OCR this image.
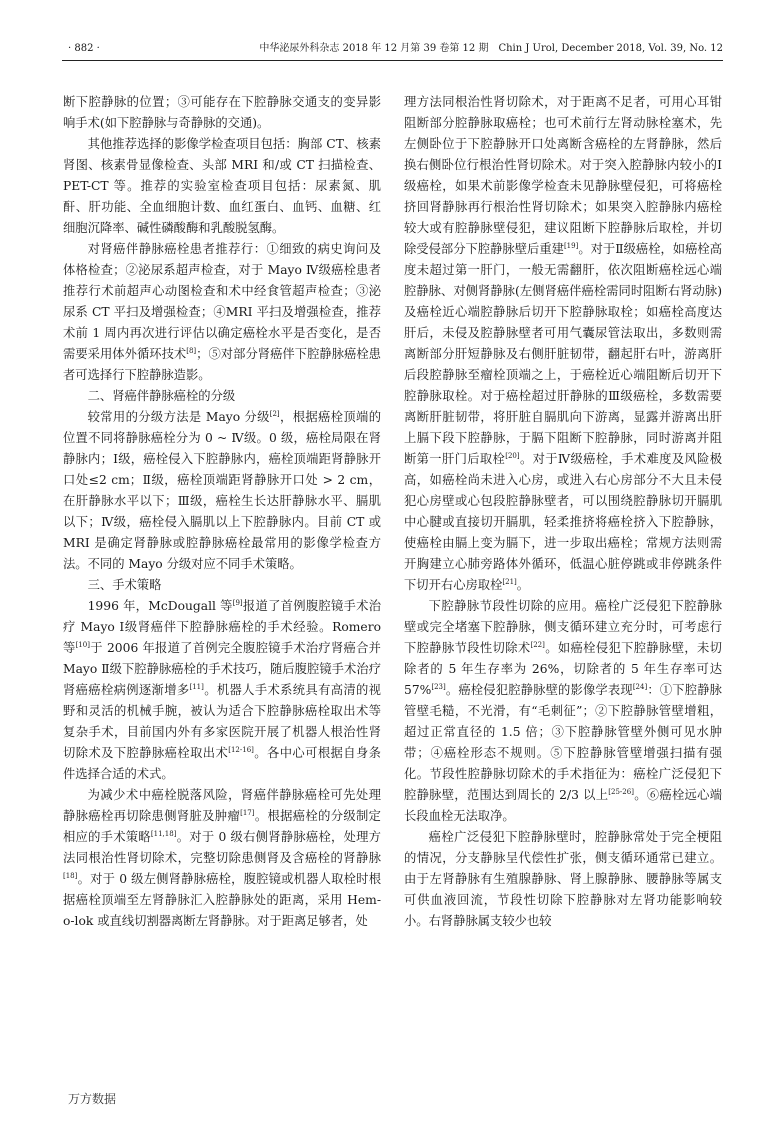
· 882 ·	中华泌尿外科杂志 2018 年 12 月第 39 卷第 12 期　Chin J Urol, December 2018, Vol. 39, No. 12

断下腔静脉的位置；③可能存在下腔静脉交通支的变异影响手术(如下腔静脉与奇静脉的交通)。

其他推荐选择的影像学检查项目包括：胸部 CT、核素肾图、核素骨显像检查、头部 MRI 和/或 CT 扫描检查、PET-CT 等。推荐的实验室检查项目包括：尿素氮、肌酐、肝功能、全血细胞计数、血红蛋白、血钙、血糖、红细胞沉降率、碱性磷酸酶和乳酸脱氢酶。

对肾癌伴静脉癌栓患者推荐行：①细致的病史询问及体格检查；②泌尿系超声检查，对于 Mayo Ⅳ级癌栓患者推荐行术前超声心动图检查和术中经食管超声检查；③泌尿系 CT 平扫及增强检查；④MRI 平扫及增强检查，推荐术前 1 周内再次进行评估以确定癌栓水平是否变化，是否需要采用体外循环技术[8]；⑤对部分肾癌伴下腔静脉癌栓患者可选择行下腔静脉造影。

二、肾癌伴静脉癌栓的分级

较常用的分级方法是 Mayo 分级[2]，根据癌栓顶端的位置不同将静脉癌栓分为 0 ~ Ⅳ级。0 级，癌栓局限在肾静脉内；Ⅰ级，癌栓侵入下腔静脉内，癌栓顶端距肾静脉开口处≤2 cm；Ⅱ级，癌栓顶端距肾静脉开口处 > 2 cm，在肝静脉水平以下；Ⅲ级，癌栓生长达肝静脉水平、膈肌以下；Ⅳ级，癌栓侵入膈肌以上下腔静脉内。目前 CT 或 MRI 是确定肾静脉或腔静脉癌栓最常用的影像学检查方法。不同的 Mayo 分级对应不同手术策略。

三、手术策略

1996 年，McDougall 等[9]报道了首例腹腔镜手术治疗 Mayo Ⅰ级肾癌伴下腔静脉癌栓的手术经验。Romero 等[10]于 2006 年报道了首例完全腹腔镜手术治疗肾癌合并 Mayo Ⅱ级下腔静脉癌栓的手术技巧，随后腹腔镜手术治疗肾癌癌栓病例逐渐增多[11]。机器人手术系统具有高清的视野和灵活的机械手腕，被认为适合下腔静脉癌栓取出术等复杂手术，目前国内外有多家医院开展了机器人根治性肾切除术及下腔静脉癌栓取出术[12-16]。各中心可根据自身条件选择合适的术式。

为减少术中癌栓脱落风险，肾癌伴静脉癌栓可先处理静脉癌栓再切除患侧肾脏及肿瘤[17]。根据癌栓的分级制定相应的手术策略[11,18]。对于 0 级右侧肾静脉癌栓，处理方法同根治性肾切除术，完整切除患侧肾及含癌栓的肾静脉[18]。对于 0 级左侧肾静脉癌栓，腹腔镜或机器人取栓时根据癌栓顶端至左肾静脉汇入腔静脉处的距离，采用 Hem-o-lok 或直线切割器离断左肾静脉。对于距离足够者，处

理方法同根治性肾切除术，对于距离不足者，可用心耳钳阻断部分腔静脉取癌栓；也可术前行左肾动脉栓塞术，先左侧卧位于下腔静脉开口处离断含癌栓的左肾静脉，然后换右侧卧位行根治性肾切除术。对于突入腔静脉内较小的Ⅰ级癌栓，如果术前影像学检查未见静脉壁侵犯，可将癌栓挤回肾静脉再行根治性肾切除术；如果突入腔静脉内癌栓较大或有腔静脉壁侵犯，建议阻断下腔静脉后取栓，并切除受侵部分下腔静脉壁后重建[19]。对于Ⅱ级癌栓，如癌栓高度未超过第一肝门，一般无需翻肝，依次阻断癌栓远心端腔静脉、对侧肾静脉(左侧肾癌伴癌栓需同时阻断右肾动脉)及癌栓近心端腔静脉后切开下腔静脉取栓；如癌栓高度达肝后，未侵及腔静脉壁者可用气囊尿管法取出，多数则需离断部分肝短静脉及右侧肝脏韧带，翻起肝右叶，游离肝后段腔静脉至瘤栓顶端之上，于癌栓近心端阻断后切开下腔静脉取栓。对于癌栓超过肝静脉的Ⅲ级癌栓，多数需要离断肝脏韧带，将肝脏自膈肌向下游离，显露并游离出肝上膈下段下腔静脉，于膈下阻断下腔静脉，同时游离并阻断第一肝门后取栓[20]。对于Ⅳ级癌栓，手术难度及风险极高，如癌栓尚未进入心房，或进入右心房部分不大且未侵犯心房壁或心包段腔静脉壁者，可以围绕腔静脉切开膈肌中心腱或直接切开膈肌，轻柔推挤将癌栓挤入下腔静脉，使癌栓由膈上变为膈下，进一步取出癌栓；常规方法则需开胸建立心肺旁路体外循环，低温心脏停跳或非停跳条件下切开右心房取栓[21]。

下腔静脉节段性切除的应用。癌栓广泛侵犯下腔静脉壁或完全堵塞下腔静脉，侧支循环建立充分时，可考虑行下腔静脉节段性切除术[22]。如癌栓侵犯下腔静脉壁，未切除者的 5 年生存率为 26%，切除者的 5 年生存率可达 57%[23]。癌栓侵犯腔静脉壁的影像学表现[24]：①下腔静脉管壁毛糙，不光滑，有“毛刺征”；②下腔静脉管壁增粗，超过正常直径的 1.5 倍；③下腔静脉管壁外侧可见水肿带；④癌栓形态不规则。⑤下腔静脉管壁增强扫描有强化。节段性腔静脉切除术的手术指征为：癌栓广泛侵犯下腔静脉壁，范围达到周长的 2/3 以上[25-26]。⑥癌栓远心端长段血栓无法取净。

癌栓广泛侵犯下腔静脉壁时，腔静脉常处于完全梗阻的情况，分支静脉呈代偿性扩张，侧支循环通常已建立。由于左肾静脉有生殖腺静脉、肾上腺静脉、腰静脉等属支可供血液回流，节段性切除下腔静脉对左肾功能影响较小。右肾静脉属支较少也较

万方数据
